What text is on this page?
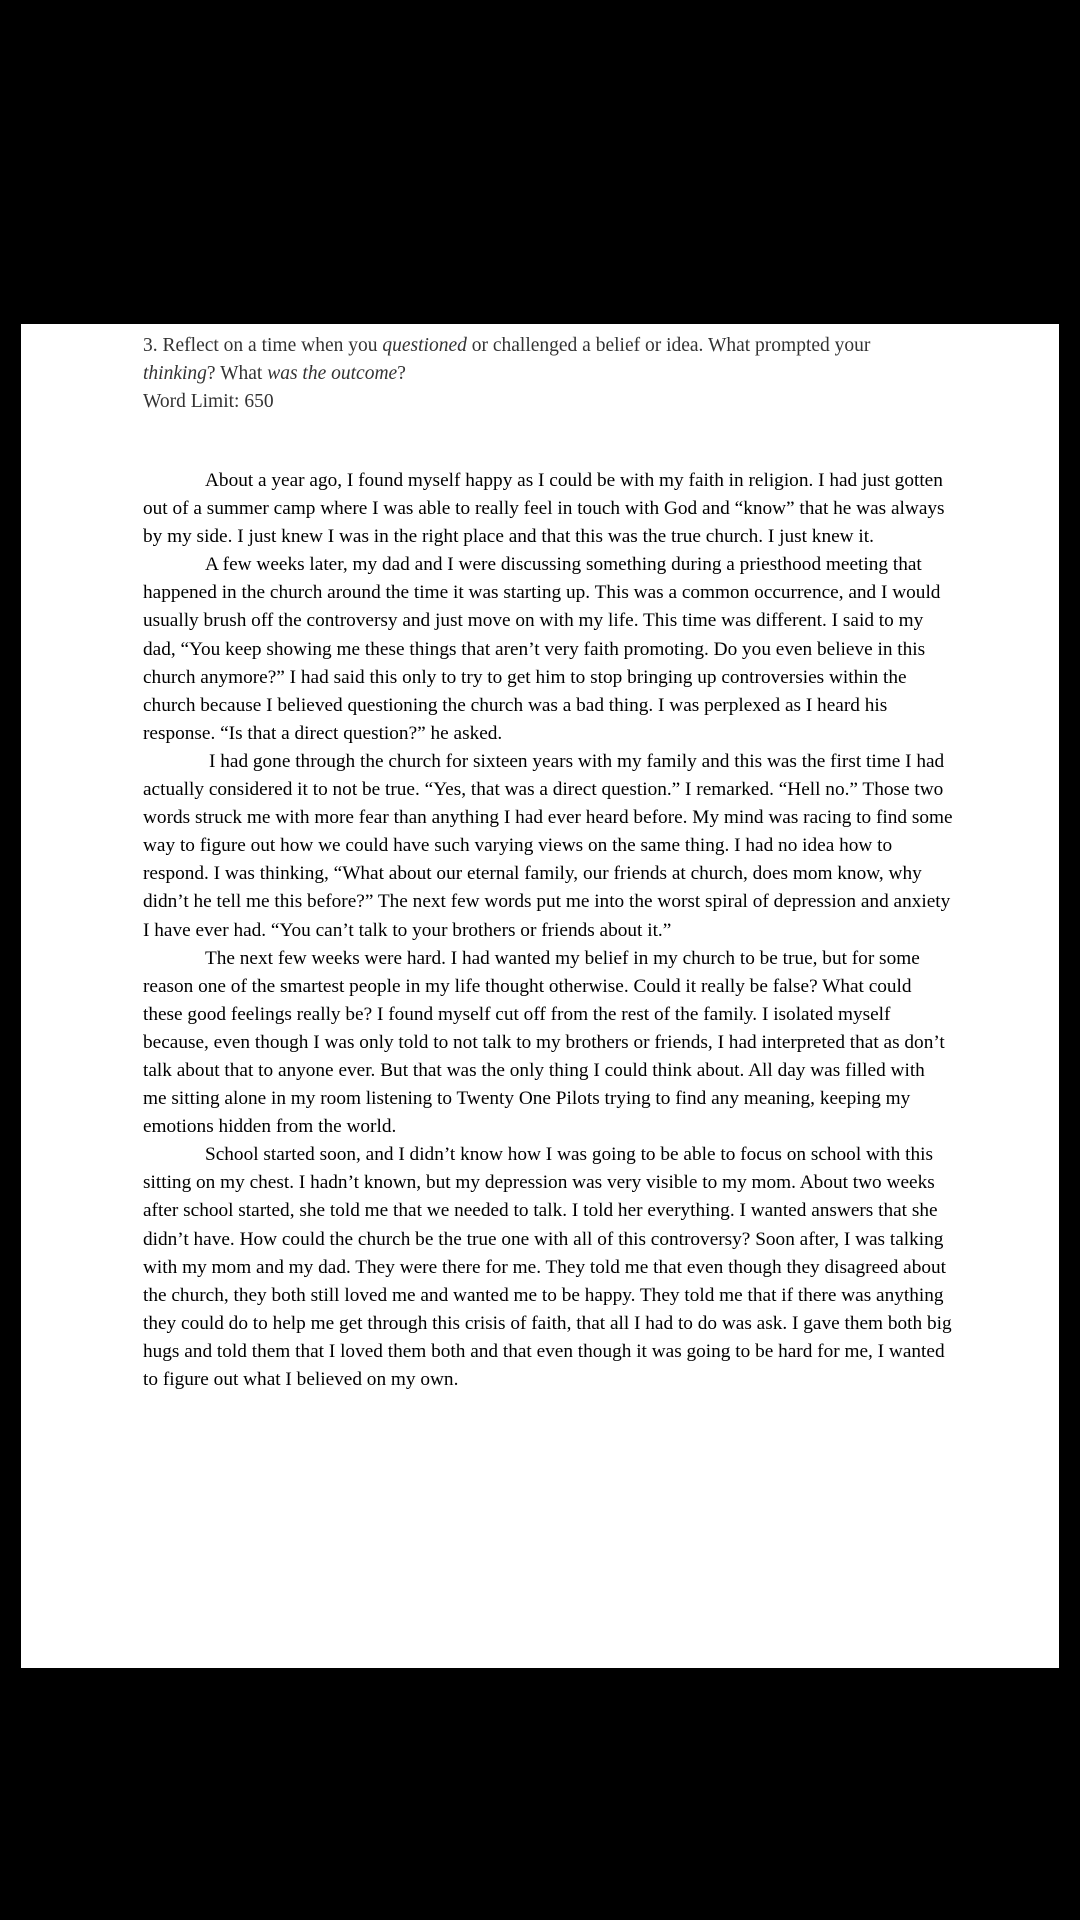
3. Reflect on a time when you questioned or challenged a belief or idea. What prompted your
thinking? What was the outcome?
Word Limit: 650

About a year ago, I found myself happy as I could be with my faith in religion. I had just gotten out of a summer camp where I was able to really feel in touch with God and “know” that he was always by my side. I just knew I was in the right place and that this was the true church. I just knew it.

A few weeks later, my dad and I were discussing something during a priesthood meeting that happened in the church around the time it was starting up. This was a common occurrence, and I would usually brush off the controversy and just move on with my life. This time was different. I said to my dad, “You keep showing me these things that aren’t very faith promoting. Do you even believe in this church anymore?” I had said this only to try to get him to stop bringing up controversies within the church because I believed questioning the church was a bad thing. I was perplexed as I heard his response. “Is that a direct question?” he asked.

I had gone through the church for sixteen years with my family and this was the first time I had actually considered it to not be true. “Yes, that was a direct question.” I remarked. “Hell no.” Those two words struck me with more fear than anything I had ever heard before. My mind was racing to find some way to figure out how we could have such varying views on the same thing. I had no idea how to respond. I was thinking, “What about our eternal family, our friends at church, does mom know, why didn’t he tell me this before?” The next few words put me into the worst spiral of depression and anxiety I have ever had. “You can’t talk to your brothers or friends about it.”

The next few weeks were hard. I had wanted my belief in my church to be true, but for some reason one of the smartest people in my life thought otherwise. Could it really be false? What could these good feelings really be? I found myself cut off from the rest of the family. I isolated myself because, even though I was only told to not talk to my brothers or friends, I had interpreted that as don’t talk about that to anyone ever. But that was the only thing I could think about. All day was filled with me sitting alone in my room listening to Twenty One Pilots trying to find any meaning, keeping my emotions hidden from the world.

School started soon, and I didn’t know how I was going to be able to focus on school with this sitting on my chest. I hadn’t known, but my depression was very visible to my mom. About two weeks after school started, she told me that we needed to talk. I told her everything. I wanted answers that she didn’t have. How could the church be the true one with all of this controversy? Soon after, I was talking with my mom and my dad. They were there for me. They told me that even though they disagreed about the church, they both still loved me and wanted me to be happy. They told me that if there was anything they could do to help me get through this crisis of faith, that all I had to do was ask. I gave them both big hugs and told them that I loved them both and that even though it was going to be hard for me, I wanted to figure out what I believed on my own.
